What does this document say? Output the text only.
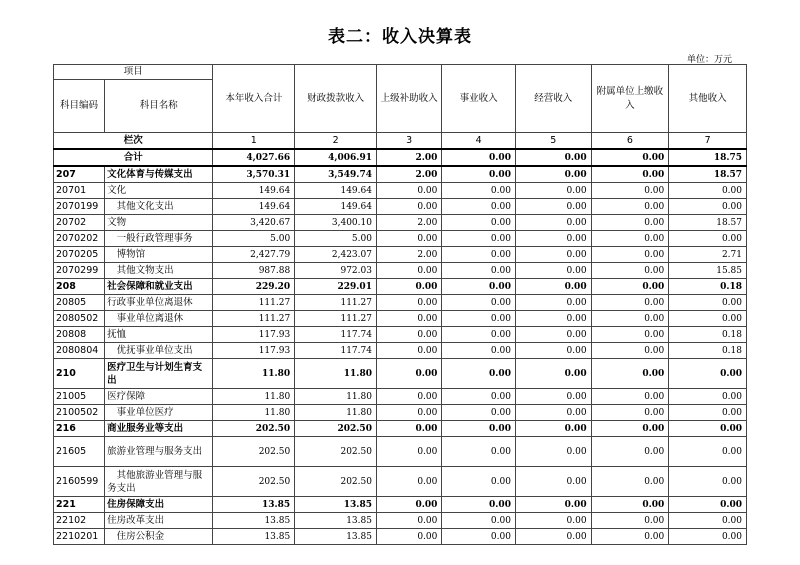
表二：收入决算表
单位：万元
项目		本年收入合计	财政拨款收入	上级补助收入	事业收入	经营收入	附属单位上缴收入	其他收入
科目编码	科目名称							
栏次		1	2	3	4	5	6	7
合计		4,027.66	4,006.91	2.00	0.00	0.00	0.00	18.75
207	文化体育与传媒支出	3,570.31	3,549.74	2.00	0.00	0.00	0.00	18.57
20701	文化	149.64	149.64	0.00	0.00	0.00	0.00	0.00
2070199	　其他文化支出	149.64	149.64	0.00	0.00	0.00	0.00	0.00
20702	文物	3,420.67	3,400.10	2.00	0.00	0.00	0.00	18.57
2070202	　一般行政管理事务	5.00	5.00	0.00	0.00	0.00	0.00	0.00
2070205	　博物馆	2,427.79	2,423.07	2.00	0.00	0.00	0.00	2.71
2070299	　其他文物支出	987.88	972.03	0.00	0.00	0.00	0.00	15.85
208	社会保障和就业支出	229.20	229.01	0.00	0.00	0.00	0.00	0.18
20805	行政事业单位离退休	111.27	111.27	0.00	0.00	0.00	0.00	0.00
2080502	　事业单位离退休	111.27	111.27	0.00	0.00	0.00	0.00	0.00
20808	抚恤	117.93	117.74	0.00	0.00	0.00	0.00	0.18
2080804	　优抚事业单位支出	117.93	117.74	0.00	0.00	0.00	0.00	0.18
210	医疗卫生与计划生育支出	11.80	11.80	0.00	0.00	0.00	0.00	0.00
21005	医疗保障	11.80	11.80	0.00	0.00	0.00	0.00	0.00
2100502	　事业单位医疗	11.80	11.80	0.00	0.00	0.00	0.00	0.00
216	商业服务业等支出	202.50	202.50	0.00	0.00	0.00	0.00	0.00
21605	旅游业管理与服务支出	202.50	202.50	0.00	0.00	0.00	0.00	0.00
2160599	　其他旅游业管理与服务支出	202.50	202.50	0.00	0.00	0.00	0.00	0.00
221	住房保障支出	13.85	13.85	0.00	0.00	0.00	0.00	0.00
22102	住房改革支出	13.85	13.85	0.00	0.00	0.00	0.00	0.00
2210201	　住房公积金	13.85	13.85	0.00	0.00	0.00	0.00	0.00
